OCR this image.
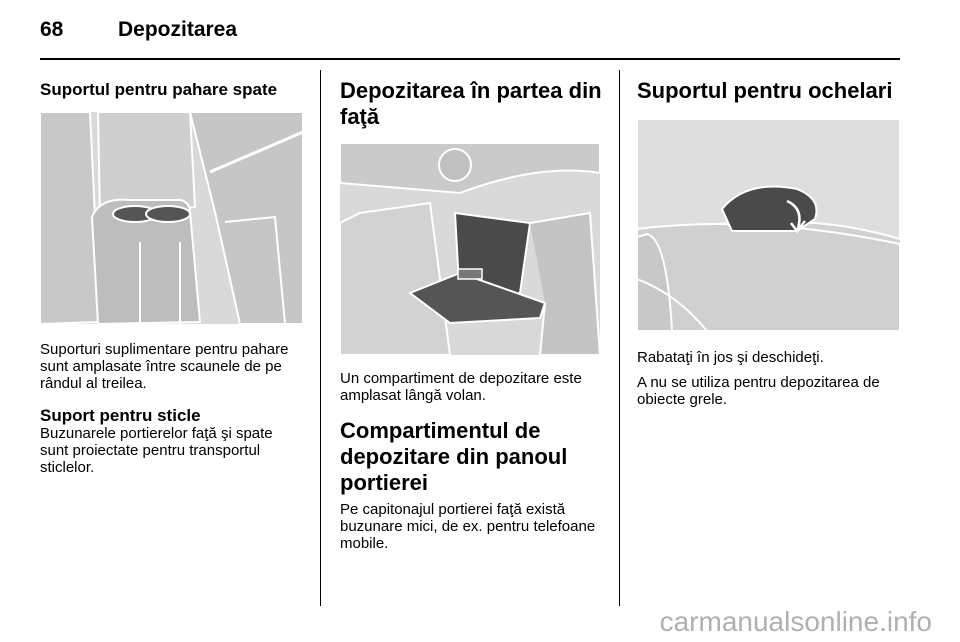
68	Depozitarea
Suportul pentru pahare spate

Suporturi suplimentare pentru pahare sunt amplasate între scaunele de pe rândul al treilea.

Suport pentru sticle

Buzunarele portierelor faţă şi spate sunt proiectate pentru transportul sticlelor.

Depozitarea în partea din faţă

Un compartiment de depozitare este amplasat lângă volan.

Compartimentul de depozitare din panoul portierei

Pe capitonajul portierei faţă există buzunare mici, de ex. pentru telefoane mobile.

Suportul pentru ochelari

Rabataţi în jos şi deschideţi.

A nu se utiliza pentru depozitarea de obiecte grele.

carmanualsonline.info
